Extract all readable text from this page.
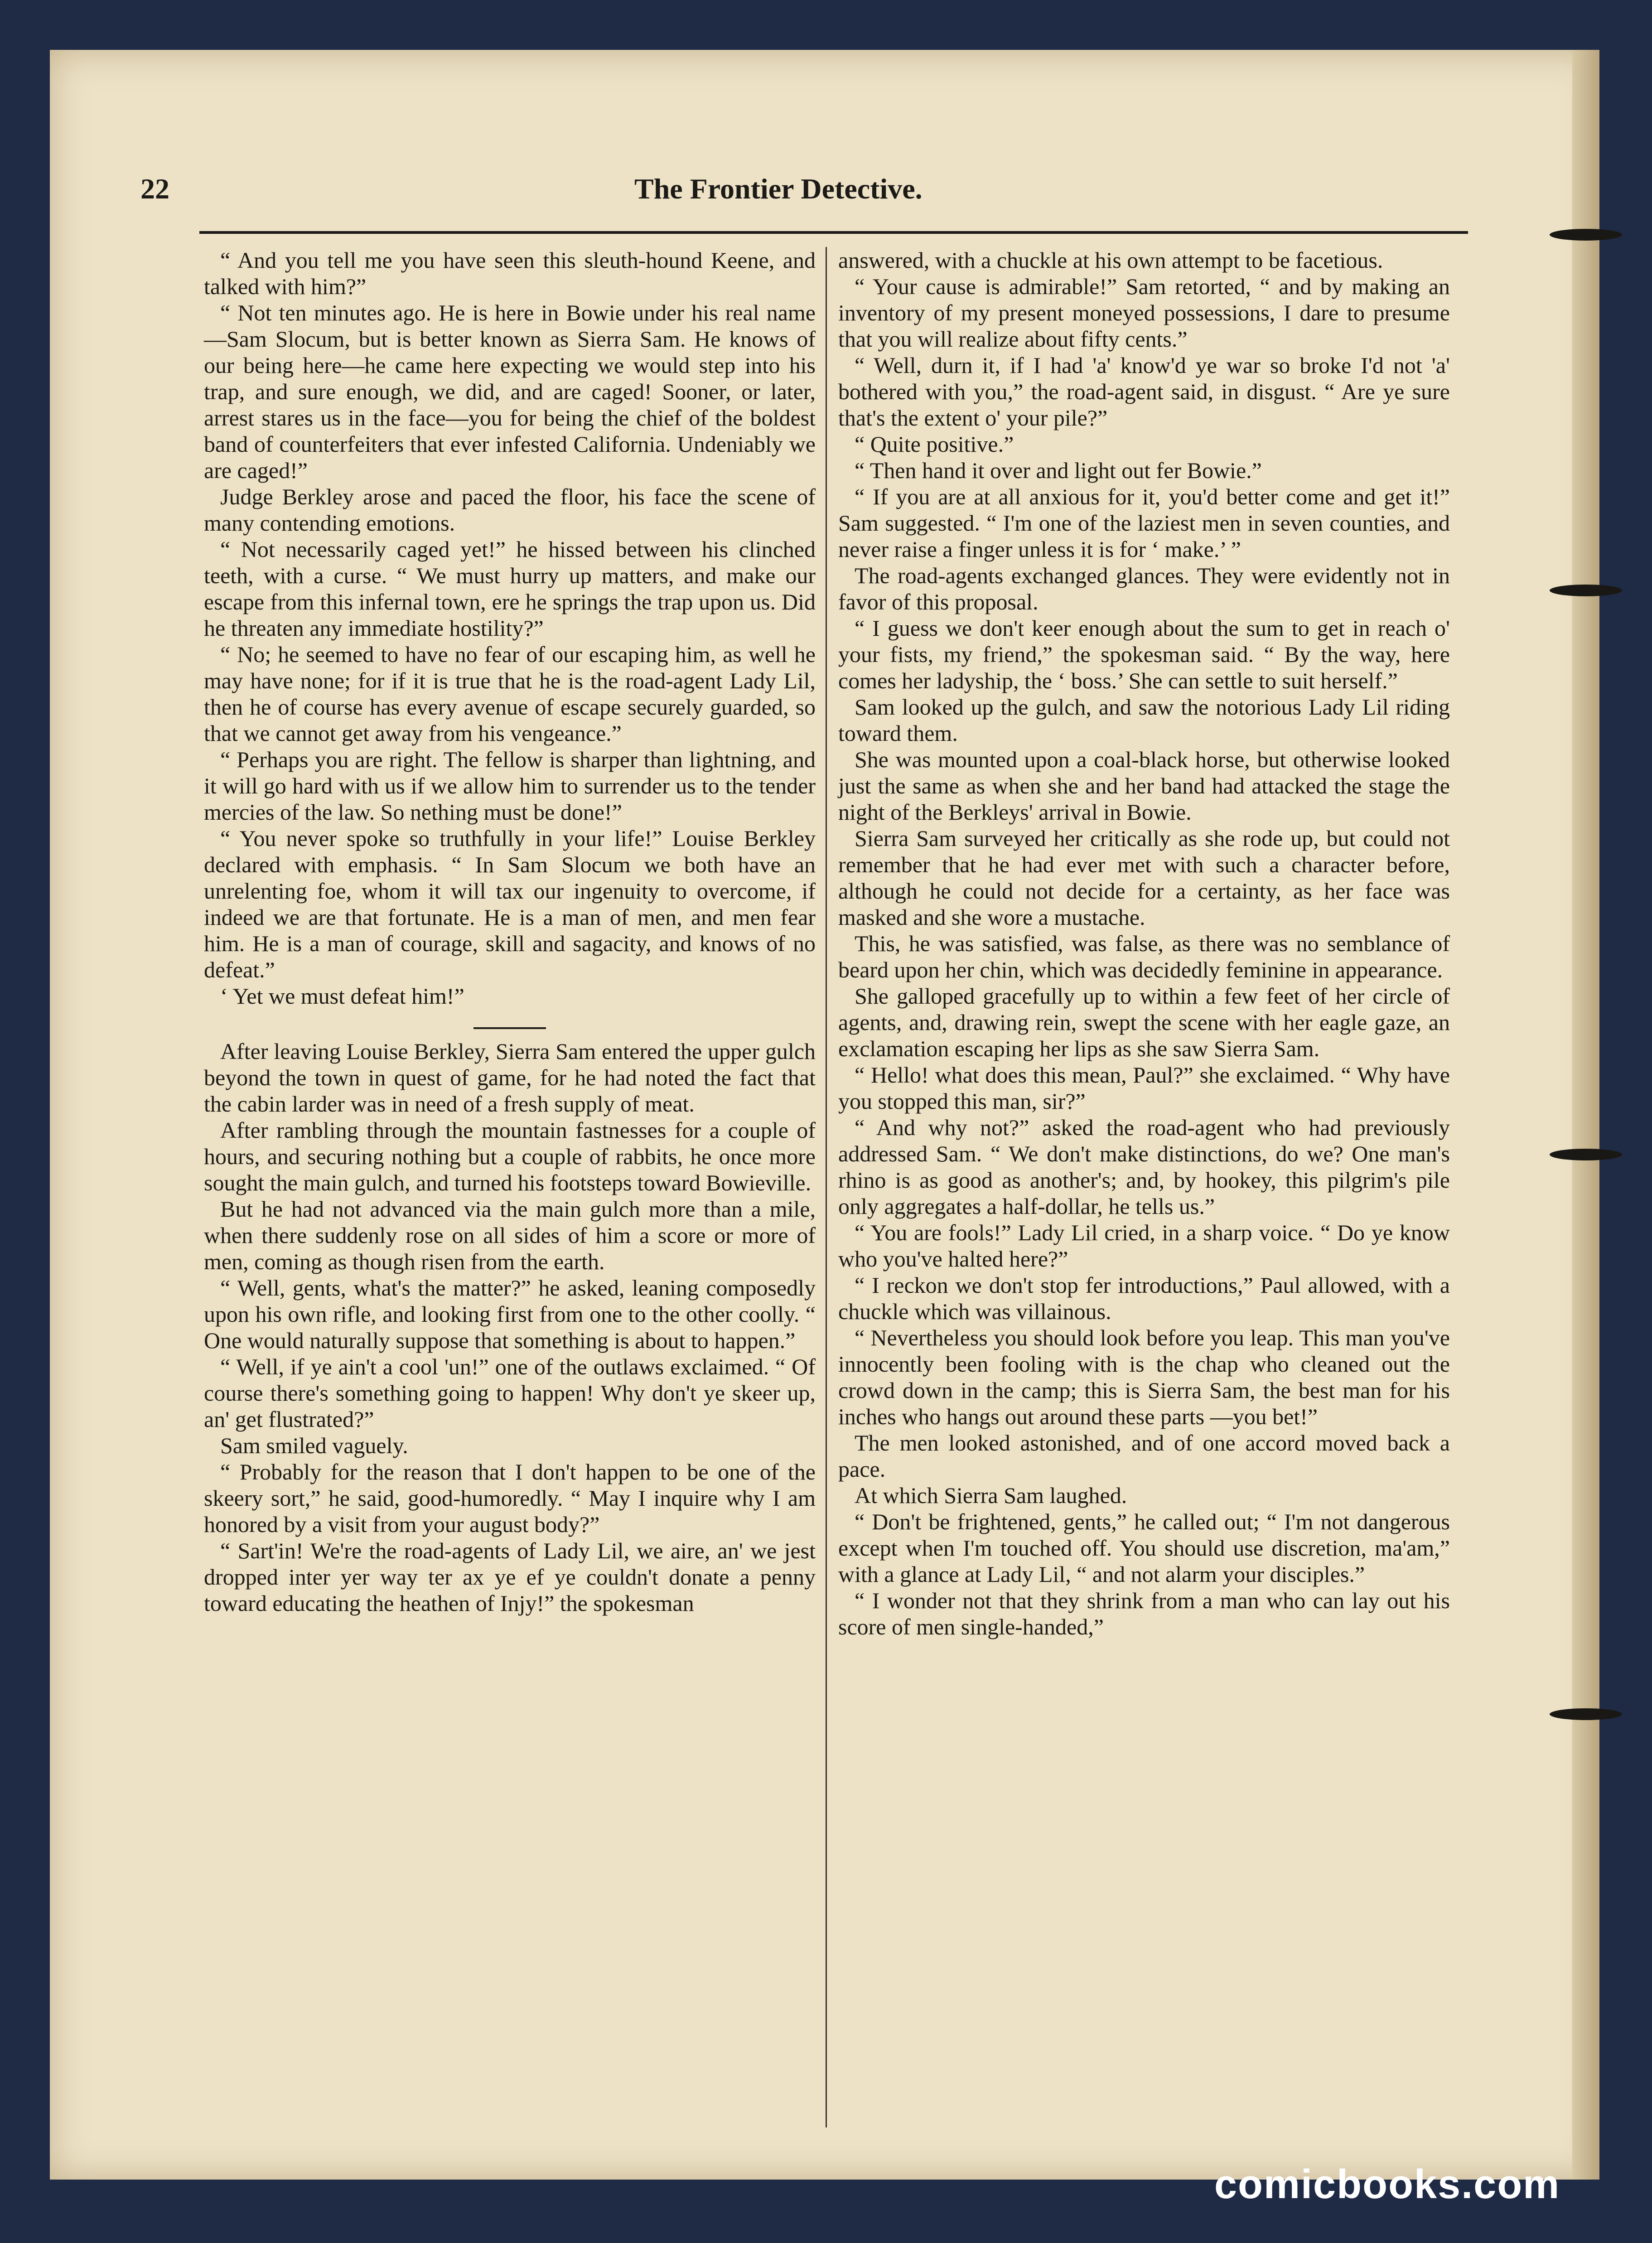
22	The Frontier Detective.

“ And you tell me you have seen this sleuth-hound Keene, and talked with him?”

“ Not ten minutes ago. He is here in Bowie under his real name—Sam Slocum, but is better known as Sierra Sam. He knows of our being here—he came here expecting we would step into his trap, and sure enough, we did, and are caged! Sooner, or later, arrest stares us in the face—you for being the chief of the boldest band of counterfeiters that ever infested California. Undeniably we are caged!”

Judge Berkley arose and paced the floor, his face the scene of many contending emotions.

“ Not necessarily caged yet!” he hissed between his clinched teeth, with a curse. “ We must hurry up matters, and make our escape from this infernal town, ere he springs the trap upon us. Did he threaten any immediate hostility?”

“ No; he seemed to have no fear of our escaping him, as well he may have none; for if it is true that he is the road-agent Lady Lil, then he of course has every avenue of escape securely guarded, so that we cannot get away from his vengeance.”

“ Perhaps you are right. The fellow is sharper than lightning, and it will go hard with us if we allow him to surrender us to the tender mercies of the law. So nething must be done!”

“ You never spoke so truthfully in your life!” Louise Berkley declared with emphasis. “ In Sam Slocum we both have an unrelenting foe, whom it will tax our ingenuity to overcome, if indeed we are that fortunate. He is a man of men, and men fear him. He is a man of courage, skill and sagacity, and knows of no defeat.”

‘ Yet we must defeat him!”

After leaving Louise Berkley, Sierra Sam entered the upper gulch beyond the town in quest of game, for he had noted the fact that the cabin larder was in need of a fresh supply of meat.

After rambling through the mountain fastnesses for a couple of hours, and securing nothing but a couple of rabbits, he once more sought the main gulch, and turned his footsteps toward Bowieville.

But he had not advanced via the main gulch more than a mile, when there suddenly rose on all sides of him a score or more of men, coming as though risen from the earth.

“ Well, gents, what's the matter?” he asked, leaning composedly upon his own rifle, and looking first from one to the other coolly. “ One would naturally suppose that something is about to happen.”

“ Well, if ye ain't a cool 'un!” one of the outlaws exclaimed. “ Of course there's something going to happen! Why don't ye skeer up, an' get flustrated?”

Sam smiled vaguely.

“ Probably for the reason that I don't happen to be one of the skeery sort,” he said, good-humoredly. “ May I inquire why I am honored by a visit from your august body?”

“ Sart'in! We're the road-agents of Lady Lil, we aire, an' we jest dropped inter yer way ter ax ye ef ye couldn't donate a penny toward educating the heathen of Injy!” the spokesman

answered, with a chuckle at his own attempt to be facetious.

“ Your cause is admirable!” Sam retorted, “ and by making an inventory of my present moneyed possessions, I dare to presume that you will realize about fifty cents.”

“ Well, durn it, if I had 'a' know'd ye war so broke I'd not 'a' bothered with you,” the road-agent said, in disgust. “ Are ye sure that's the extent o' your pile?”

“ Quite positive.”

“ Then hand it over and light out fer Bowie.”

“ If you are at all anxious for it, you'd better come and get it!” Sam suggested. “ I'm one of the laziest men in seven counties, and never raise a finger unless it is for ‘ make.’ ”

The road-agents exchanged glances. They were evidently not in favor of this proposal.

“ I guess we don't keer enough about the sum to get in reach o' your fists, my friend,” the spokesman said. “ By the way, here comes her ladyship, the ‘ boss.’ She can settle to suit herself.”

Sam looked up the gulch, and saw the notorious Lady Lil riding toward them.

She was mounted upon a coal-black horse, but otherwise looked just the same as when she and her band had attacked the stage the night of the Berkleys' arrival in Bowie.

Sierra Sam surveyed her critically as she rode up, but could not remember that he had ever met with such a character before, although he could not decide for a certainty, as her face was masked and she wore a mustache.

This, he was satisfied, was false, as there was no semblance of beard upon her chin, which was decidedly feminine in appearance.

She galloped gracefully up to within a few feet of her circle of agents, and, drawing rein, swept the scene with her eagle gaze, an exclamation escaping her lips as she saw Sierra Sam.

“ Hello! what does this mean, Paul?” she exclaimed. “ Why have you stopped this man, sir?”

“ And why not?” asked the road-agent who had previously addressed Sam. “ We don't make distinctions, do we? One man's rhino is as good as another's; and, by hookey, this pilgrim's pile only aggregates a half-dollar, he tells us.”

“ You are fools!” Lady Lil cried, in a sharp voice. “ Do ye know who you've halted here?”

“ I reckon we don't stop fer introductions,” Paul allowed, with a chuckle which was villainous.

“ Nevertheless you should look before you leap. This man you've innocently been fooling with is the chap who cleaned out the crowd down in the camp; this is Sierra Sam, the best man for his inches who hangs out around these parts —you bet!”

The men looked astonished, and of one accord moved back a pace.

At which Sierra Sam laughed.

“ Don't be frightened, gents,” he called out; “ I'm not dangerous except when I'm touched off. You should use discretion, ma'am,” with a glance at Lady Lil, “ and not alarm your disciples.”

“ I wonder not that they shrink from a man who can lay out his score of men single-handed,”

comicbooks.com
